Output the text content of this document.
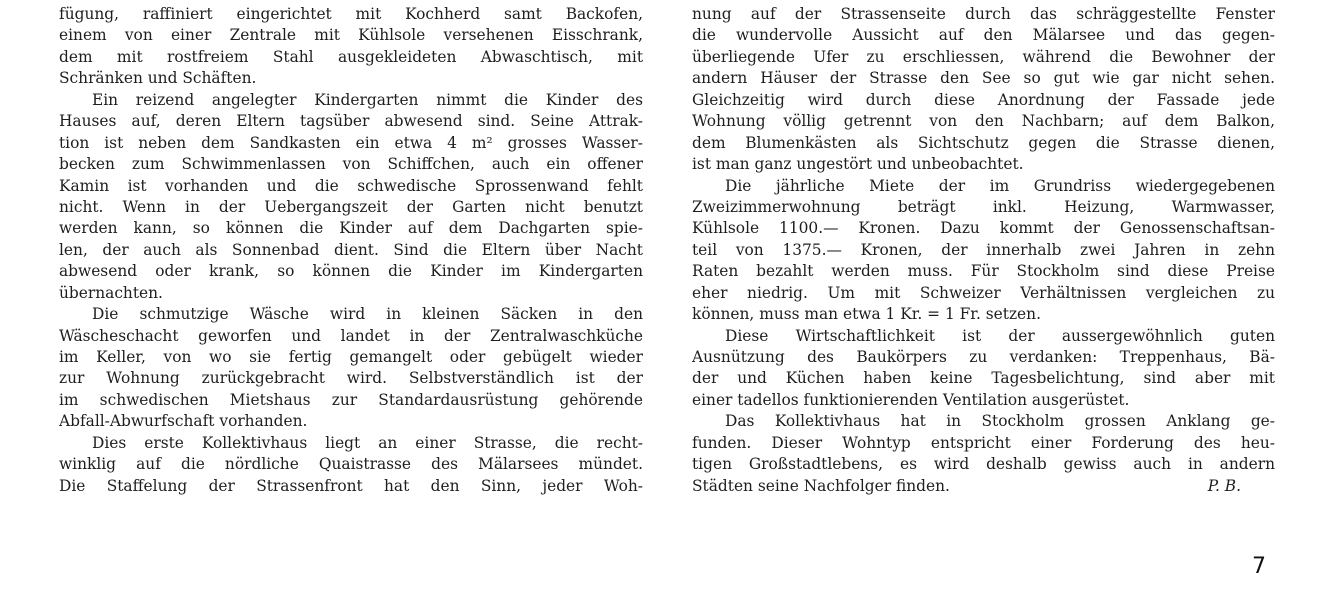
fügung, raffiniert eingerichtet mit Kochherd samt Backofen,
einem von einer Zentrale mit Kühlsole versehenen Eisschrank,
dem mit rostfreiem Stahl ausgekleideten Abwaschtisch, mit
Schränken und Schäften.
Ein reizend angelegter Kindergarten nimmt die Kinder des
Hauses auf, deren Eltern tagsüber abwesend sind. Seine Attrak-
tion ist neben dem Sandkasten ein etwa 4 m² grosses Wasser-
becken zum Schwimmenlassen von Schiffchen, auch ein offener
Kamin ist vorhanden und die schwedische Sprossenwand fehlt
nicht. Wenn in der Uebergangszeit der Garten nicht benutzt
werden kann, so können die Kinder auf dem Dachgarten spie-
len, der auch als Sonnenbad dient. Sind die Eltern über Nacht
abwesend oder krank, so können die Kinder im Kindergarten
übernachten.
Die schmutzige Wäsche wird in kleinen Säcken in den
Wäscheschacht geworfen und landet in der Zentralwaschküche
im Keller, von wo sie fertig gemangelt oder gebügelt wieder
zur Wohnung zurückgebracht wird. Selbstverständlich ist der
im schwedischen Mietshaus zur Standardausrüstung gehörende
Abfall-Abwurfschaft vorhanden.
Dies erste Kollektivhaus liegt an einer Strasse, die recht-
winklig auf die nördliche Quaistrasse des Mälarsees mündet.
Die Staffelung der Strassenfront hat den Sinn, jeder Woh-
nung auf der Strassenseite durch das schräggestellte Fenster
die wundervolle Aussicht auf den Mälarsee und das gegen-
überliegende Ufer zu erschliessen, während die Bewohner der
andern Häuser der Strasse den See so gut wie gar nicht sehen.
Gleichzeitig wird durch diese Anordnung der Fassade jede
Wohnung völlig getrennt von den Nachbarn; auf dem Balkon,
dem Blumenkästen als Sichtschutz gegen die Strasse dienen,
ist man ganz ungestört und unbeobachtet.
Die jährliche Miete der im Grundriss wiedergegebenen
Zweizimmerwohnung beträgt inkl. Heizung, Warmwasser,
Kühlsole 1100.— Kronen. Dazu kommt der Genossenschaftsan-
teil von 1375.— Kronen, der innerhalb zwei Jahren in zehn
Raten bezahlt werden muss. Für Stockholm sind diese Preise
eher niedrig. Um mit Schweizer Verhältnissen vergleichen zu
können, muss man etwa 1 Kr. = 1 Fr. setzen.
Diese Wirtschaftlichkeit ist der aussergewöhnlich guten
Ausnützung des Baukörpers zu verdanken: Treppenhaus, Bä-
der und Küchen haben keine Tagesbelichtung, sind aber mit
einer tadellos funktionierenden Ventilation ausgerüstet.
Das Kollektivhaus hat in Stockholm grossen Anklang ge-
funden. Dieser Wohntyp entspricht einer Forderung des heu-
tigen Großstadtlebens, es wird deshalb gewiss auch in andern
Städten seine Nachfolger finden.	P. B.
7
